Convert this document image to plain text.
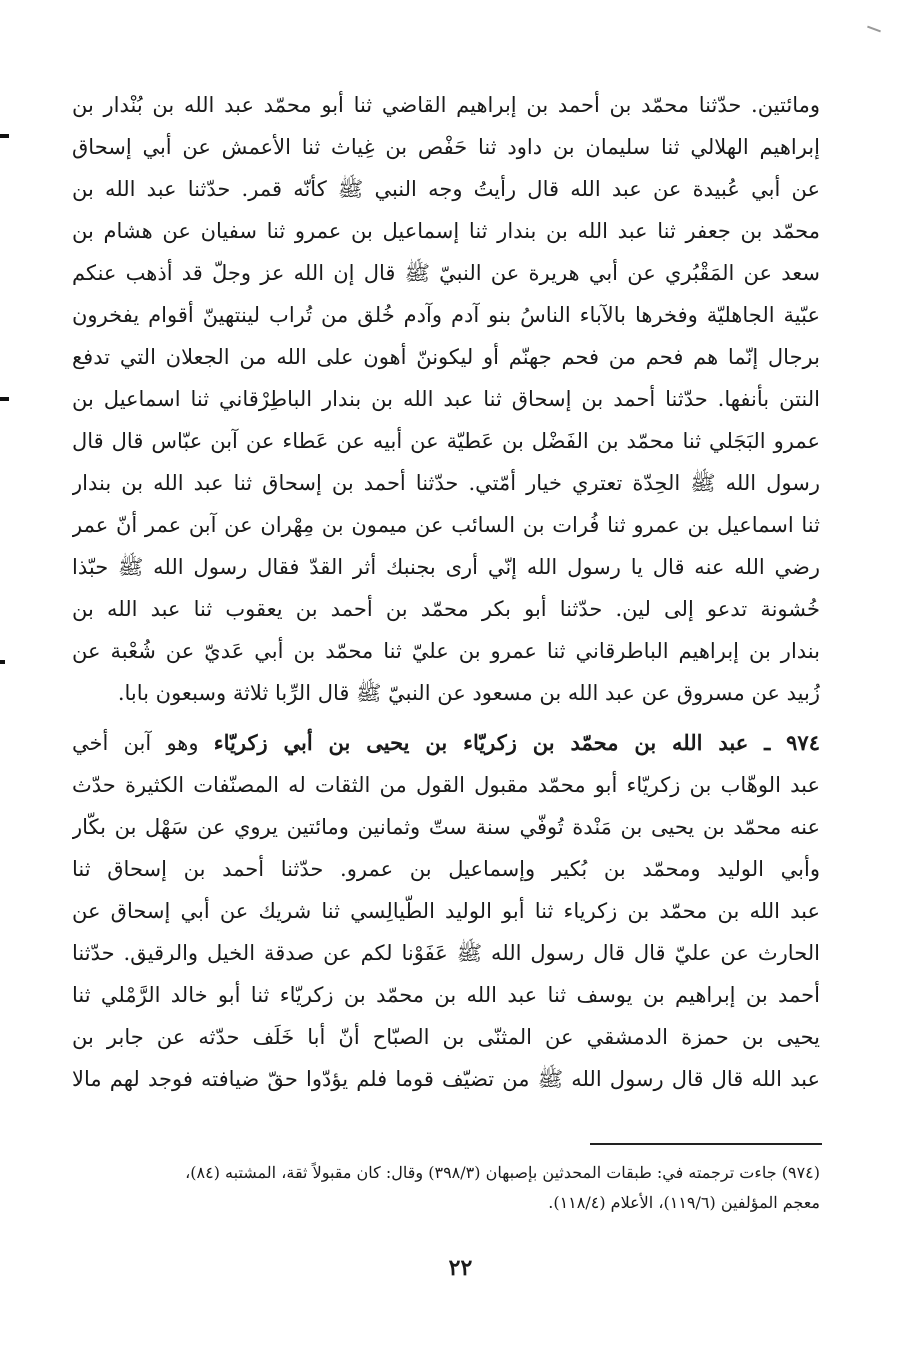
ومائتين. حدّثنا محمّد بن أحمد بن إبراهيم القاضي ثنا أبو محمّد عبد الله بن بُنْدار بن
إبراهيم الهلالي ثنا سليمان بن داود ثنا حَفْص بن غِياث ثنا الأعمش عن أبي إسحاق
عن أبي عُبيدة عن عبد الله قال رأيتُ وجه النبي ﷺ كأنّه قمر. حدّثنا عبد الله بن
محمّد بن جعفر ثنا عبد الله بن بندار ثنا إسماعيل بن عمرو ثنا سفيان عن هشام بن
سعد عن المَقْبُري عن أبي هريرة عن النبيّ ﷺ قال إن الله عز وجلّ قد أذهب عنكم
عبّية الجاهليّة وفخرها بالآباء الناسُ بنو آدم وآدم خُلق من تُراب لينتهينّ أقوام يفخرون
برجال إنّما هم فحم من فحم جهنّم أو ليكوننّ أهون على الله من الجعلان التي تدفع
النتن بأنفها. حدّثنا أحمد بن إسحاق ثنا عبد الله بن بندار الباطِرْقاني ثنا اسماعيل بن
عمرو البَجَلي ثنا محمّد بن الفَضْل بن عَطيّة عن أبيه عن عَطاء عن آبن عبّاس قال قال
رسول الله ﷺ الحِدّة تعتري خيار أمّتي. حدّثنا أحمد بن إسحاق ثنا عبد الله بن بندار
ثنا اسماعيل بن عمرو ثنا فُرات بن السائب عن ميمون بن مِهْران عن آبن عمر أنّ عمر
رضي الله عنه قال يا رسول الله إنّي أرى بجنبك أثر القدّ فقال رسول الله ﷺ حبّذا
خُشونة تدعو إلى لين. حدّثنا أبو بكر محمّد بن أحمد بن يعقوب ثنا عبد الله بن
بندار بن إبراهيم الباطرقاني ثنا عمرو بن عليّ ثنا محمّد بن أبي عَديّ عن شُعْبة عن
زُبيد عن مسروق عن عبد الله بن مسعود عن النبيّ ﷺ قال الرِّبا ثلاثة وسبعون بابا.
٩٧٤ ـ عبد الله بن محمّد بن زكريّاء بن يحيى بن أبي زكريّاء وهو آبن أخي
عبد الوهّاب بن زكريّاء أبو محمّد مقبول القول من الثقات له المصنّفات الكثيرة حدّث
عنه محمّد بن يحيى بن مَنْدة تُوفّي سنة ستّ وثمانين ومائتين يروي عن سَهْل بن بكّار
وأبي الوليد ومحمّد بن بُكير وإسماعيل بن عمرو. حدّثنا أحمد بن إسحاق ثنا
عبد الله بن محمّد بن زكرياء ثنا أبو الوليد الطّيالِسي ثنا شريك عن أبي إسحاق عن
الحارث عن عليّ قال قال رسول الله ﷺ عَفَوْنا لكم عن صدقة الخيل والرقيق. حدّثنا
أحمد بن إبراهيم بن يوسف ثنا عبد الله بن محمّد بن زكريّاء ثنا أبو خالد الرَّمْلي ثنا
يحيى بن حمزة الدمشقي عن المثنّى بن الصبّاح أنّ أبا خَلَف حدّثه عن جابر بن
عبد الله قال قال رسول الله ﷺ من تضيّف قوما فلم يؤدّوا حقّ ضيافته فوجد لهم مالا
(٩٧٤) جاءت ترجمته في: طبقات المحدثين بإصبهان (٣٩٨/٣) وقال: كان مقبولاً ثقة، المشتبه (٨٤)،
معجم المؤلفين (١١٩/٦)، الأعلام (١١٨/٤).
٢٢
